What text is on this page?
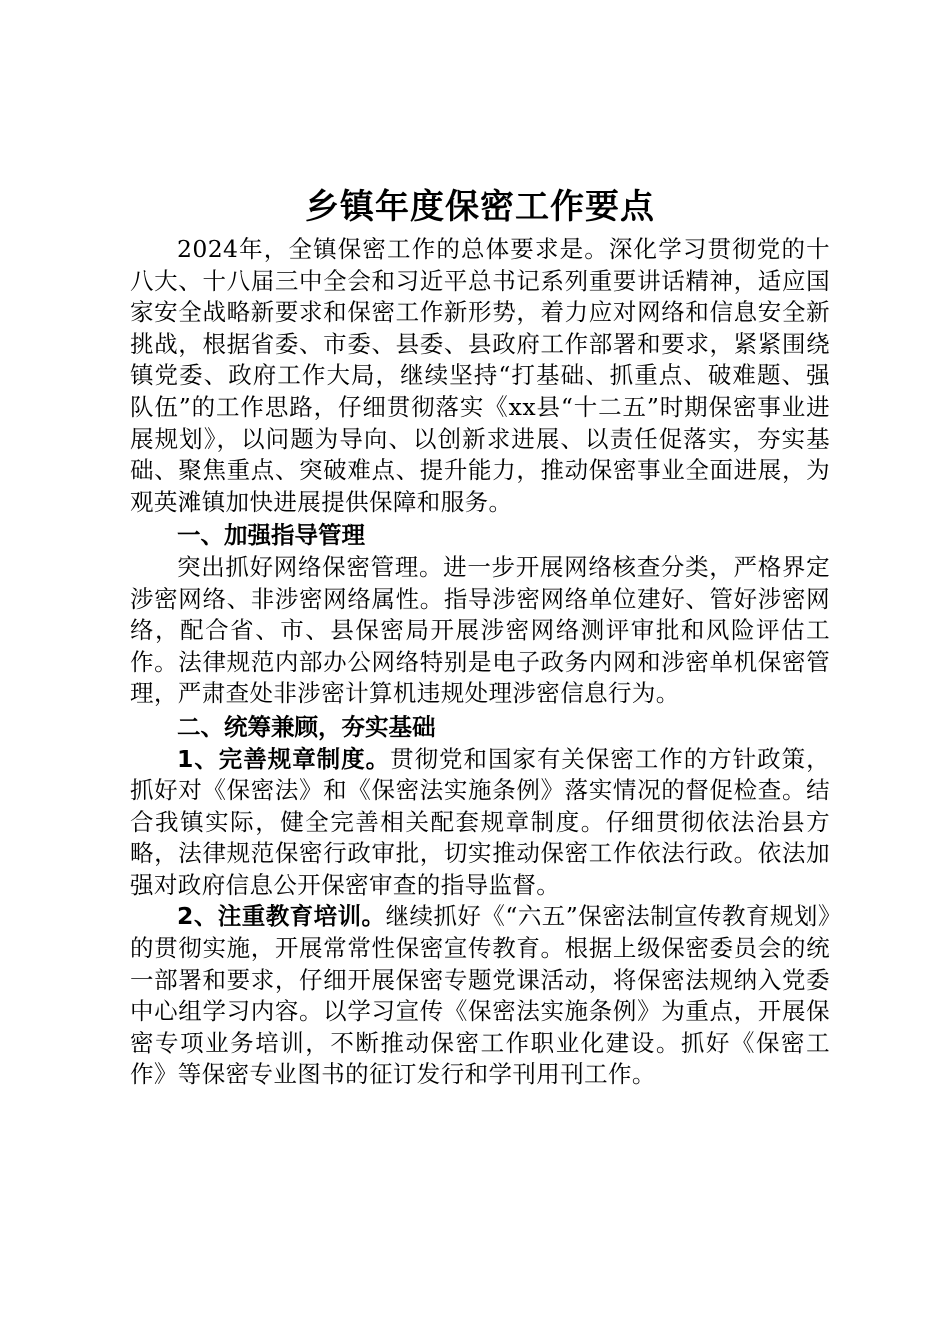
乡镇年度保密工作要点

2024年，全镇保密工作的总体要求是。深化学习贯彻党的十八大、十八届三中全会和习近平总书记系列重要讲话精神，适应国家安全战略新要求和保密工作新形势，着力应对网络和信息安全新挑战，根据省委、市委、县委、县政府工作部署和要求，紧紧围绕镇党委、政府工作大局，继续坚持“打基础、抓重点、破难题、强队伍”的工作思路，仔细贯彻落实《xx县“十二五”时期保密事业进展规划》，以问题为导向、以创新求进展、以责任促落实，夯实基础、聚焦重点、突破难点、提升能力，推动保密事业全面进展，为观英滩镇加快进展提供保障和服务。

一、加强指导管理

突出抓好网络保密管理。进一步开展网络核查分类，严格界定涉密网络、非涉密网络属性。指导涉密网络单位建好、管好涉密网络，配合省、市、县保密局开展涉密网络测评审批和风险评估工作。法律规范内部办公网络特别是电子政务内网和涉密单机保密管理，严肃查处非涉密计算机违规处理涉密信息行为。

二、统筹兼顾，夯实基础

1、完善规章制度。贯彻党和国家有关保密工作的方针政策，抓好对《保密法》和《保密法实施条例》落实情况的督促检查。结合我镇实际，健全完善相关配套规章制度。仔细贯彻依法治县方略，法律规范保密行政审批，切实推动保密工作依法行政。依法加强对政府信息公开保密审查的指导监督。

2、注重教育培训。继续抓好《“六五”保密法制宣传教育规划》的贯彻实施，开展常常性保密宣传教育。根据上级保密委员会的统一部署和要求，仔细开展保密专题党课活动，将保密法规纳入党委中心组学习内容。以学习宣传《保密法实施条例》为重点，开展保密专项业务培训，不断推动保密工作职业化建设。抓好《保密工作》等保密专业图书的征订发行和学刊用刊工作。
